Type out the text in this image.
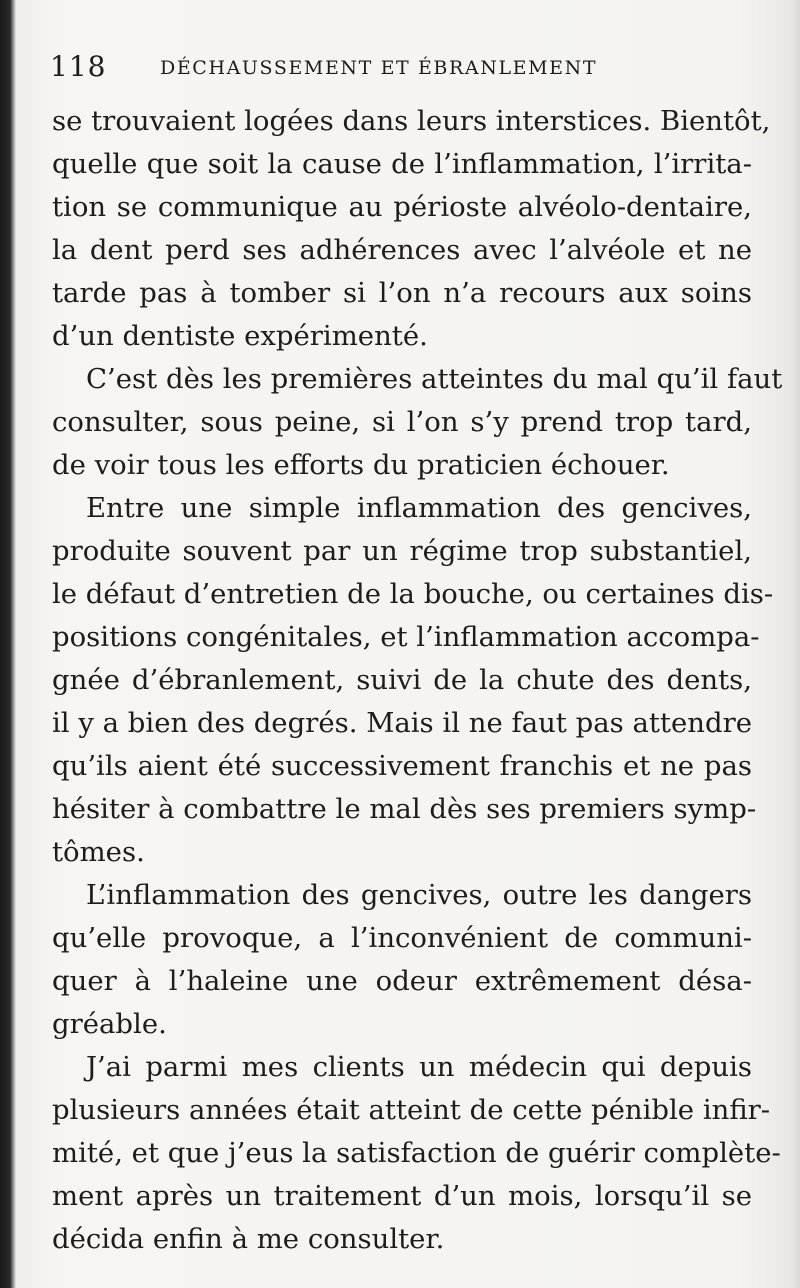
118	DÉCHAUSSEMENT ET ÉBRANLEMENT
se trouvaient logées dans leurs interstices. Bientôt,
quelle que soit la cause de l’inflammation, l’irrita-
tion se communique au périoste alvéolo-dentaire,
la dent perd ses adhérences avec l’alvéole et ne
tarde pas à tomber si l’on n’a recours aux soins
d’un dentiste expérimenté.
C’est dès les premières atteintes du mal qu’il faut
consulter, sous peine, si l’on s’y prend trop tard,
de voir tous les efforts du praticien échouer.
Entre une simple inflammation des gencives,
produite souvent par un régime trop substantiel,
le défaut d’entretien de la bouche, ou certaines dis-
positions congénitales, et l’inflammation accompa-
gnée d’ébranlement, suivi de la chute des dents,
il y a bien des degrés. Mais il ne faut pas attendre
qu’ils aient été successivement franchis et ne pas
hésiter à combattre le mal dès ses premiers symp-
tômes.
L’inflammation des gencives, outre les dangers
qu’elle provoque, a l’inconvénient de communi-
quer à l’haleine une odeur extrêmement désa-
gréable.
J’ai parmi mes clients un médecin qui depuis
plusieurs années était atteint de cette pénible infir-
mité, et que j’eus la satisfaction de guérir complète-
ment après un traitement d’un mois, lorsqu’il se
décida enfin à me consulter.
